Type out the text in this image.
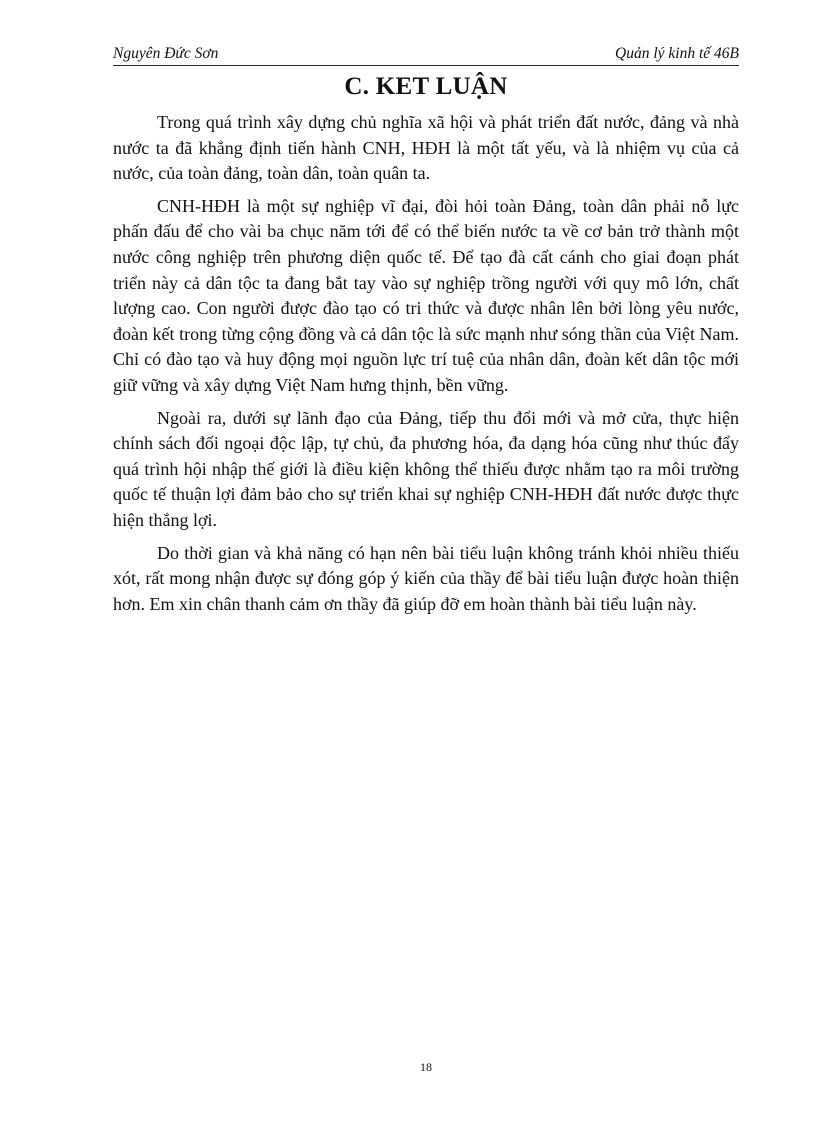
Nguyên Đức Sơn	Quản lý kinh tế 46B
C. KET LUẬN

Trong quá trình xây dựng chủ nghĩa xã hội và phát triển đất nước, đảng và nhà nước ta đã khẳng định tiến hành CNH, HĐH là một tất yếu, và là nhiệm vụ của cả nước, của toàn đảng, toàn dân, toàn quân ta.

CNH-HĐH là một sự nghiệp vĩ đại, đòi hỏi toàn Đảng, toàn dân phải nỗ lực phấn đấu để cho vài ba chục năm tới để có thể biến nước ta về cơ bản trở thành một nước công nghiệp trên phương diện quốc tế. Để tạo đà cất cánh cho giai đoạn phát triển này cả dân tộc ta đang bắt tay vào sự nghiệp trồng người với quy mô lớn, chất lượng cao. Con người được đào tạo có tri thức và được nhân lên bởi lòng yêu nước, đoàn kết trong từng cộng đồng và cả dân tộc là sức mạnh như sóng thần của Việt Nam. Chỉ có đào tạo và huy động mọi nguồn lực trí tuệ của nhân dân, đoàn kết dân tộc mới giữ vững và xây dựng Việt Nam hưng thịnh, bền vững.

Ngoài ra, dưới sự lãnh đạo của Đảng, tiếp thu đổi mới và mở cửa, thực hiện chính sách đối ngoại độc lập, tự chủ, đa phương hóa, đa dạng hóa cũng như thúc đẩy quá trình hội nhập thế giới là điều kiện không thể thiếu được nhằm tạo ra môi trường quốc tế thuận lợi đảm bảo cho sự triển khai sự nghiệp CNH-HĐH đất nước được thực hiện thắng lợi.

Do thời gian và khả năng có hạn nên bài tiểu luận không tránh khỏi nhiều thiếu xót, rất mong nhận được sự đóng góp ý kiến của thầy để bài tiểu luận được hoàn thiện hơn. Em xin chân thanh cảm ơn thầy đã giúp đỡ em hoàn thành bài tiểu luận này.

18
